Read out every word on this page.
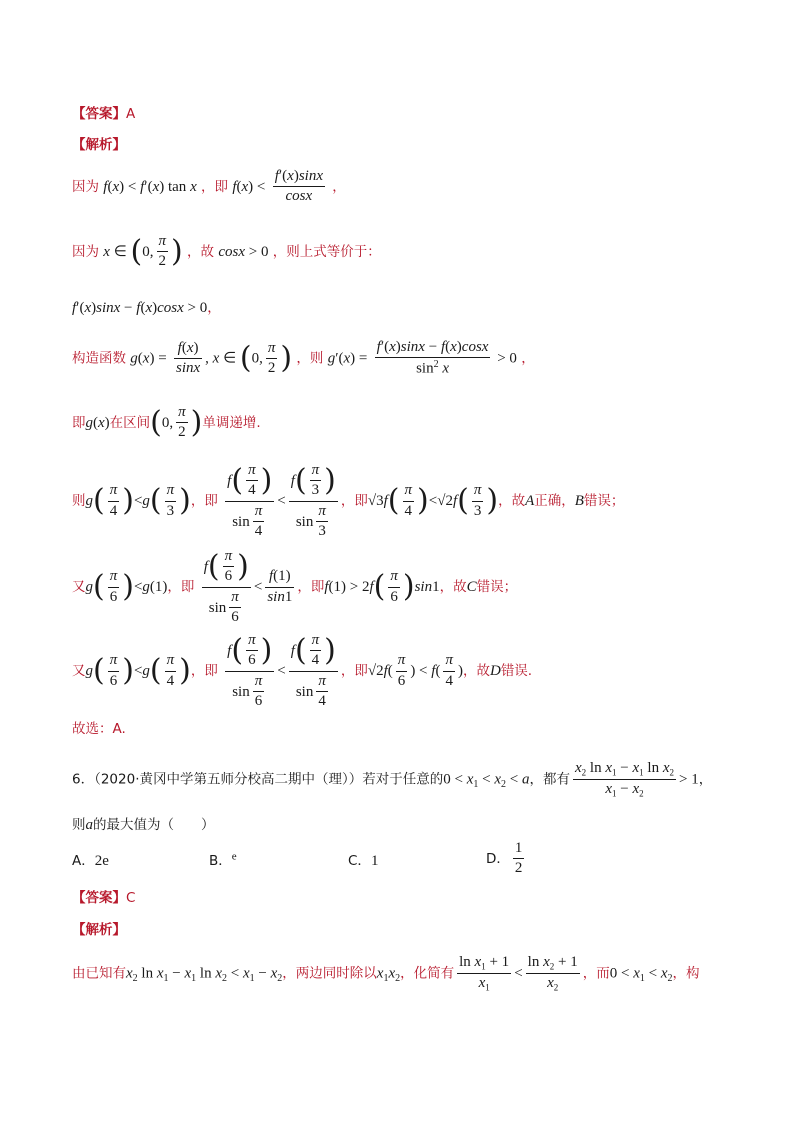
【答案】A
【解析】
因为 f(x) < f′(x) tan x ，即 $f(x) < \frac{f'(x)\sin x}{\cos x}$ ，
因为 x ∈ (0, $\frac{\pi}{2}$ ) ，故 cosx > 0 ，则上式等价于：
f′(x)sinx − f(x)cosx > 0，
构造函数 $g(x) = \frac{f(x)}{\sin x}$ , x ∈ (0, $\frac{\pi}{2}$ ) ，则 $g'(x) = \frac{f'(x)\sin x - f(x)\cos x}{\sin^2 x} > 0$ ，
即g(x)在区间(0, $\frac{\pi}{2}$ )单调递增.
则$g( \frac{\pi}{4} )<g( \frac{\pi}{3}$ )，即 $\frac{f( \frac{\pi}{4} )}{\sin \frac{\pi}{4}} < \frac{f( \frac{\pi}{3} )}{\sin \frac{\pi}{3}}$ ，即$√3f( \frac{\pi}{4} )<√2f( \frac{\pi}{3}$ )，故A正确，B错误；
又$g( \frac{\pi}{6} )<g(1)$，即 $\frac{f( \frac{\pi}{6} )}{\sin \frac{\pi}{6}} < \frac{f(1)}{\sin 1}$ ，即$f(1) > 2f( \frac{\pi}{6} )\sin 1$，故C错误；
又$g( \frac{\pi}{6} )<g( \frac{\pi}{4}$ )，即 $\frac{f( \frac{\pi}{6} )}{\sin \frac{\pi}{6}} < \frac{f( \frac{\pi}{4} )}{\sin \frac{\pi}{4}}$ ，即$√2f( \frac{\pi}{6}$ ) < $f( \frac{\pi}{4}$ )，故D错误.
故选：A.
6．（2020·黄冈中学第五师分校高二期中（理））若对于任意的$0 < x_1 < x_2 < a$，都有 $\frac{x_2 \ln x_1 - x_1 \ln x_2}{x_1 - x_2} > 1$，
则a的最大值为（　　）
A．2e	B．$^e$	C．1	D． $\frac{1}{2}$
【答案】C
【解析】
由已知有$x_2$ $\ln x_1 - x_1$ $\ln x_2 < x_1 - x_2$，两边同时除以$x_1x_2$，化简有 $\frac{\ln x_1 + 1}{x_1} < \frac{\ln x_2 + 1}{x_2}$ ，而$0 < x_1 < x_2$，构
